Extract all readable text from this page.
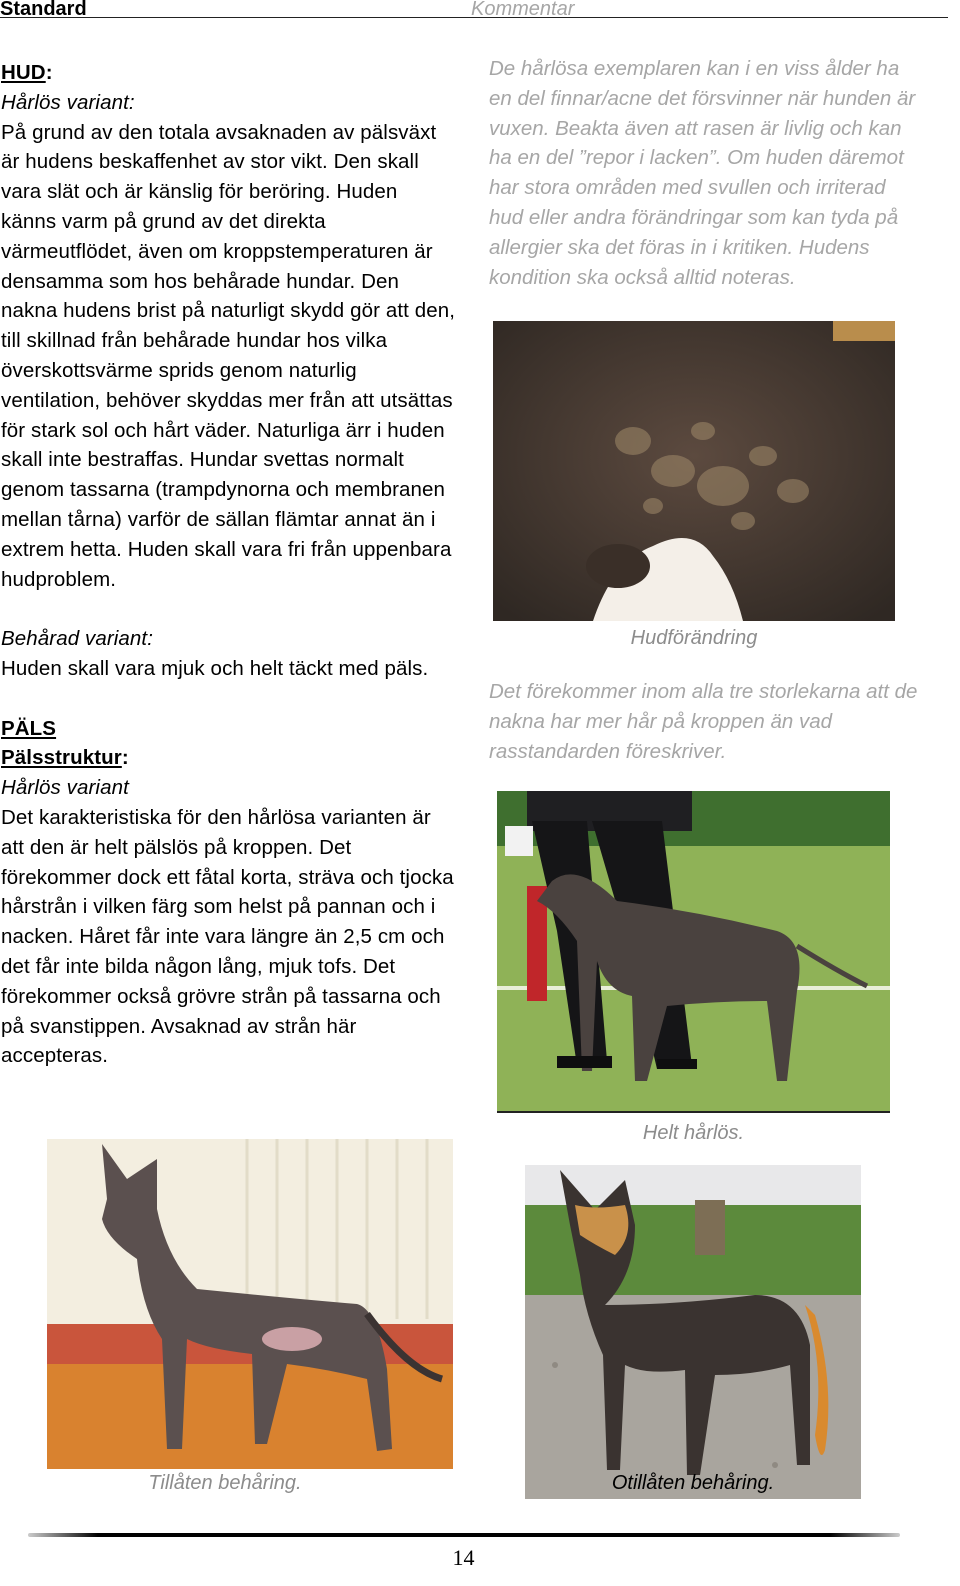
Standard	Kommentar

HUD:

Hårlös variant:

På grund av den totala avsaknaden av pälsväxt är hudens beskaffenhet av stor vikt. Den skall vara slät och är känslig för beröring. Huden känns varm på grund av det direkta värmeutflödet, även om kroppstemperaturen är densamma som hos behårade hundar. Den nakna hudens brist på naturligt skydd gör att den, till skillnad från behårade hundar hos vilka överskottsvärme sprids genom naturlig ventilation, behöver skyddas mer från att utsättas för stark sol och hårt väder. Naturliga ärr i huden skall inte bestraffas. Hundar svettas normalt genom tassarna (trampdynorna och membranen mellan tårna) varför de sällan flämtar annat än i extrem hetta. Huden skall vara fri från uppenbara hudproblem.

Behårad variant:

Huden skall vara mjuk och helt täckt med päls.

PÄLS

Pälsstruktur:

Hårlös variant

Det karakteristiska för den hårlösa varianten är att den är helt pälslös på kroppen. Det förekommer dock ett fåtal korta, sträva och tjocka hårstrån i vilken färg som helst på pannan och i nacken. Håret får inte vara längre än 2,5 cm och det får inte bilda någon lång, mjuk tofs. Det förekommer också grövre strån på tassarna och på svanstippen. Avsaknad av strån här accepteras.

De hårlösa exemplaren kan i en viss ålder ha en del finnar/acne det försvinner när hunden är vuxen. Beakta även att rasen är livlig och kan ha en del ”repor i lacken”. Om huden däremot har stora områden med svullen och irriterad hud eller andra förändringar som kan tyda på allergier ska det föras in i kritiken. Hudens kondition ska också alltid noteras.
Hudförändring
Det förekommer inom alla tre storlekarna att de nakna har mer hår på kroppen än vad rasstandarden föreskriver.
Helt hårlös.
Tillåten behåring.	Otillåten behåring.
14
